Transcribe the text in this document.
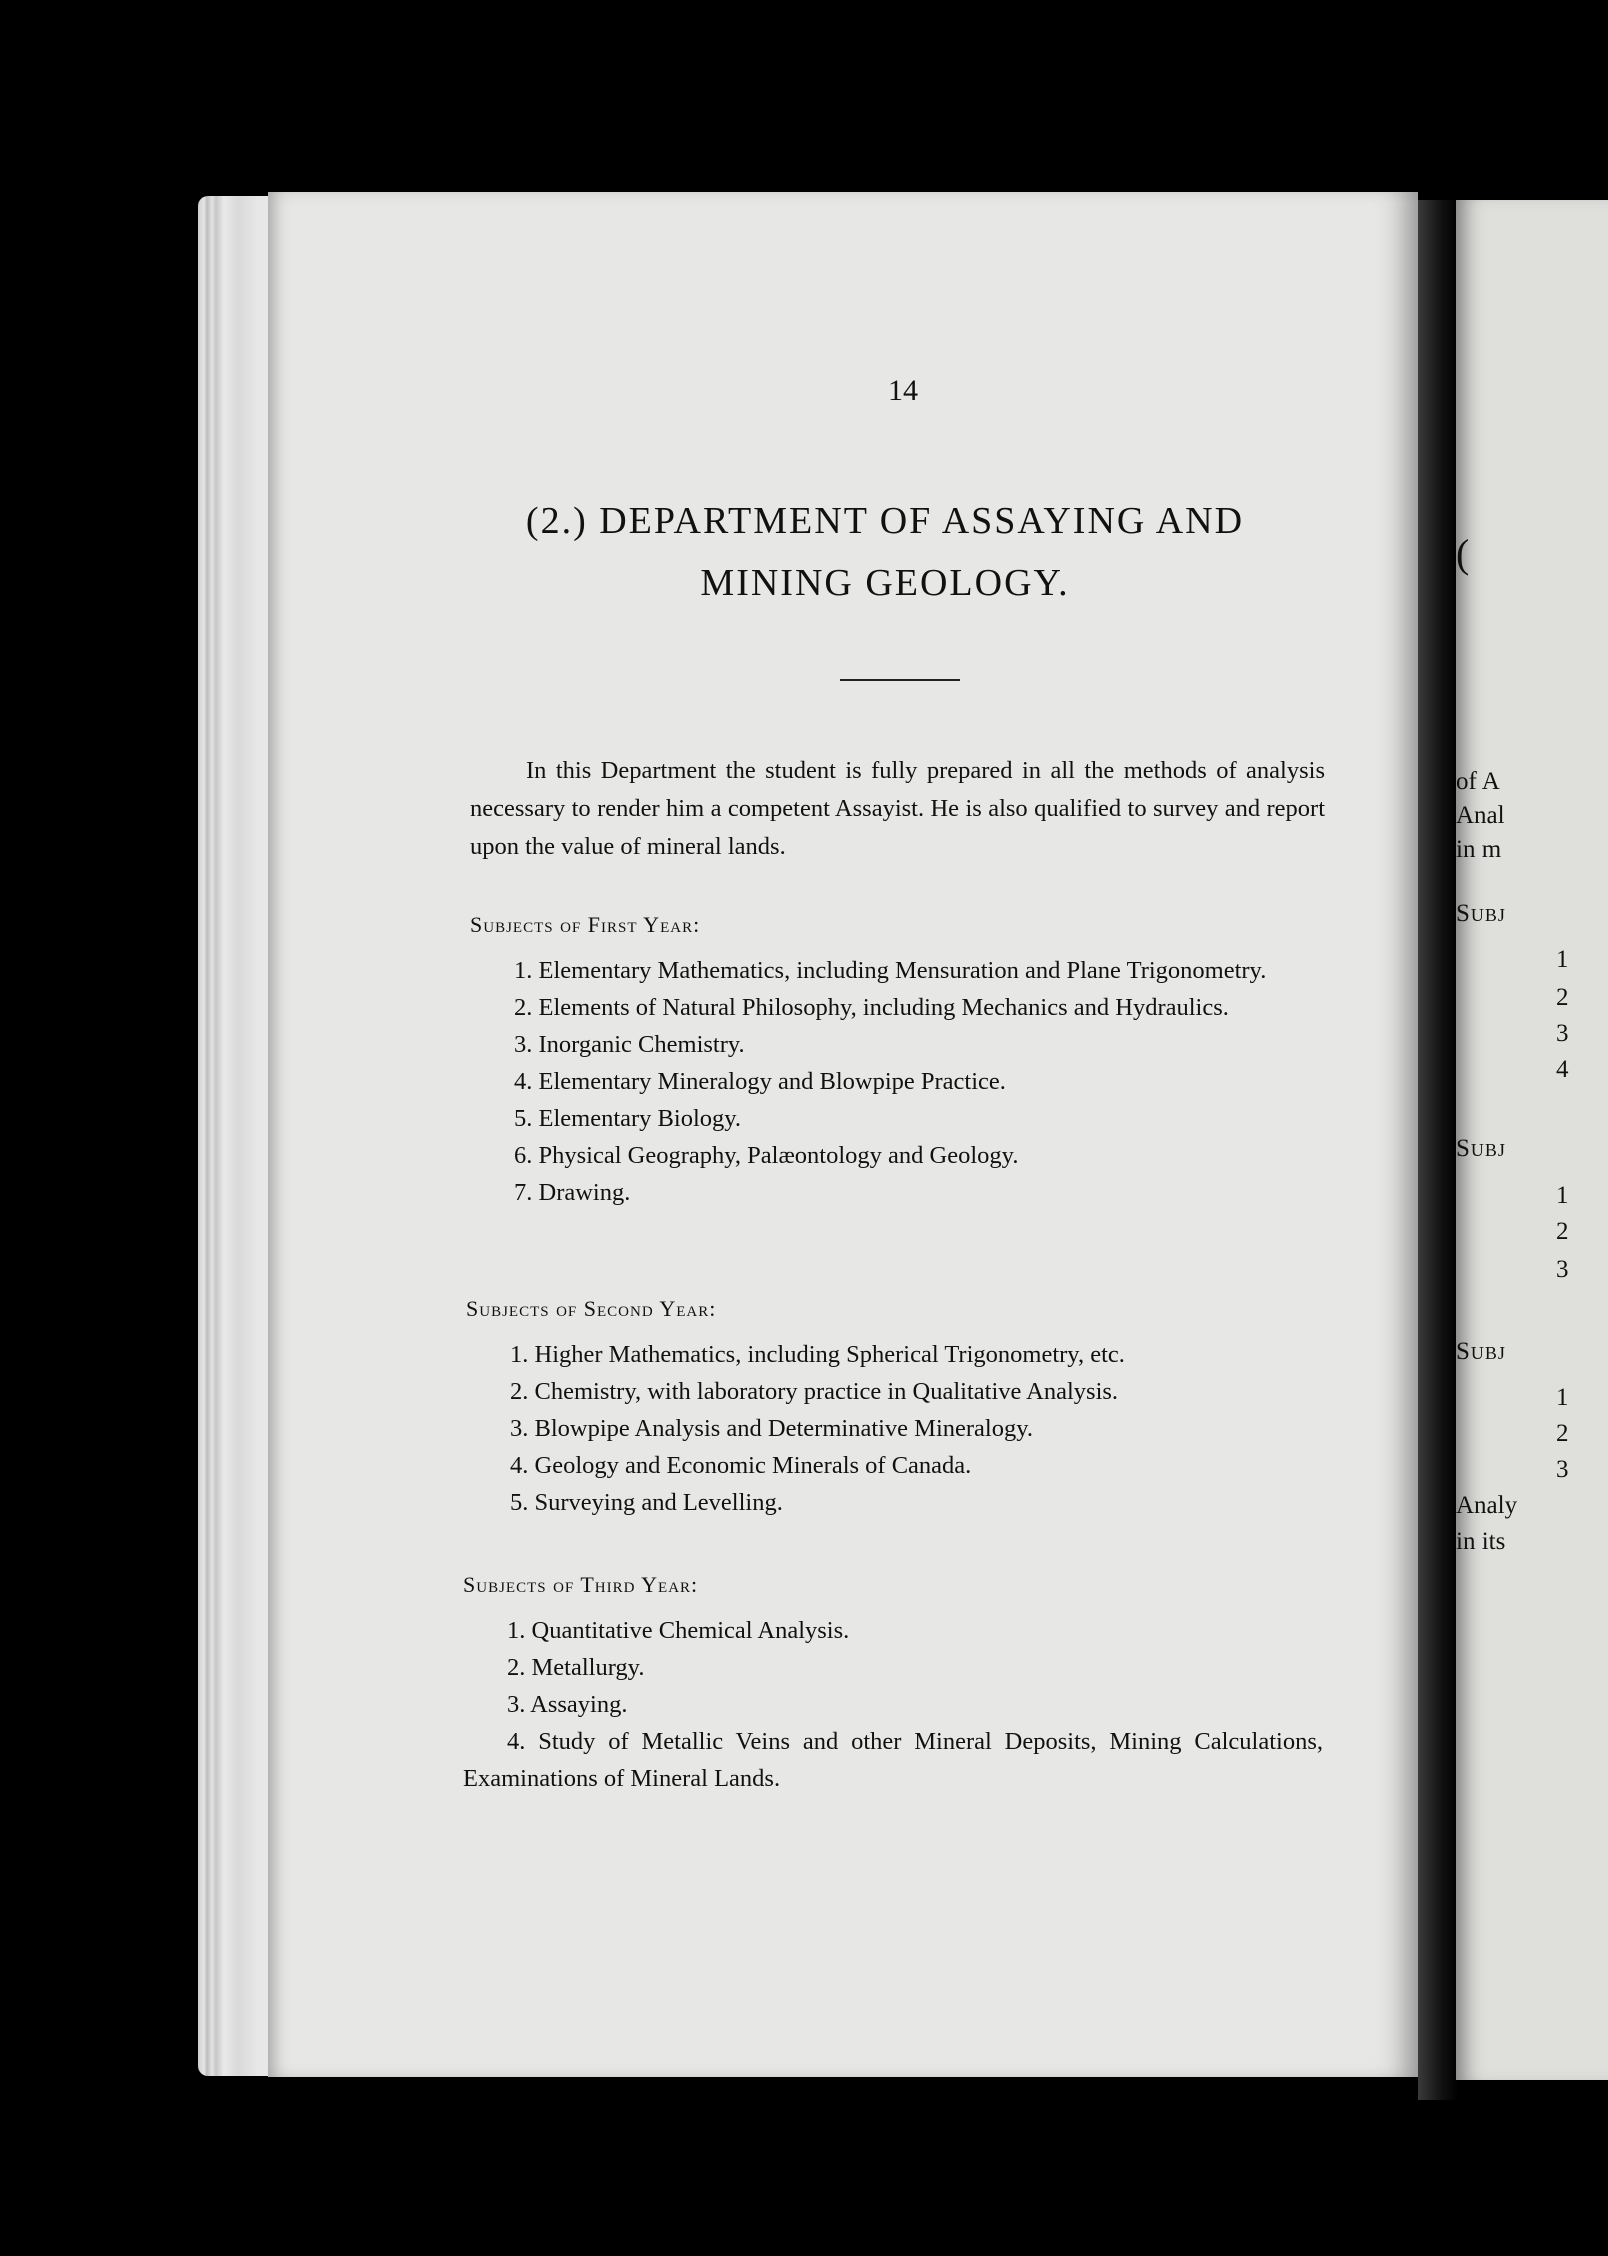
(
of A
Anal
in m
Subj
1
2
3
4
Subj
1
2
3
Subj
1
2
3
Analy
in its
14
(2.) DEPARTMENT OF ASSAYING AND
MINING GEOLOGY.

In this Department the student is fully prepared in all the methods of analysis necessary to render him a competent Assayist. He is also qualified to survey and report upon the value of mineral lands.

Subjects of First Year:

1. Elementary Mathematics, including Mensuration and Plane Trigonometry.

2. Elements of Natural Philosophy, including Mechanics and Hydraulics.

3. Inorganic Chemistry.

4. Elementary Mineralogy and Blowpipe Practice.

5. Elementary Biology.

6. Physical Geography, Palæontology and Geology.

7. Drawing.

Subjects of Second Year:

1. Higher Mathematics, including Spherical Trigonometry, etc.

2. Chemistry, with laboratory practice in Qualitative Analysis.

3. Blowpipe Analysis and Determinative Mineralogy.

4. Geology and Economic Minerals of Canada.

5. Surveying and Levelling.

Subjects of Third Year:

1. Quantitative Chemical Analysis.

2. Metallurgy.

3. Assaying.

4. Study of Metallic Veins and other Mineral Deposits, Mining Calculations, Examinations of Mineral Lands.
